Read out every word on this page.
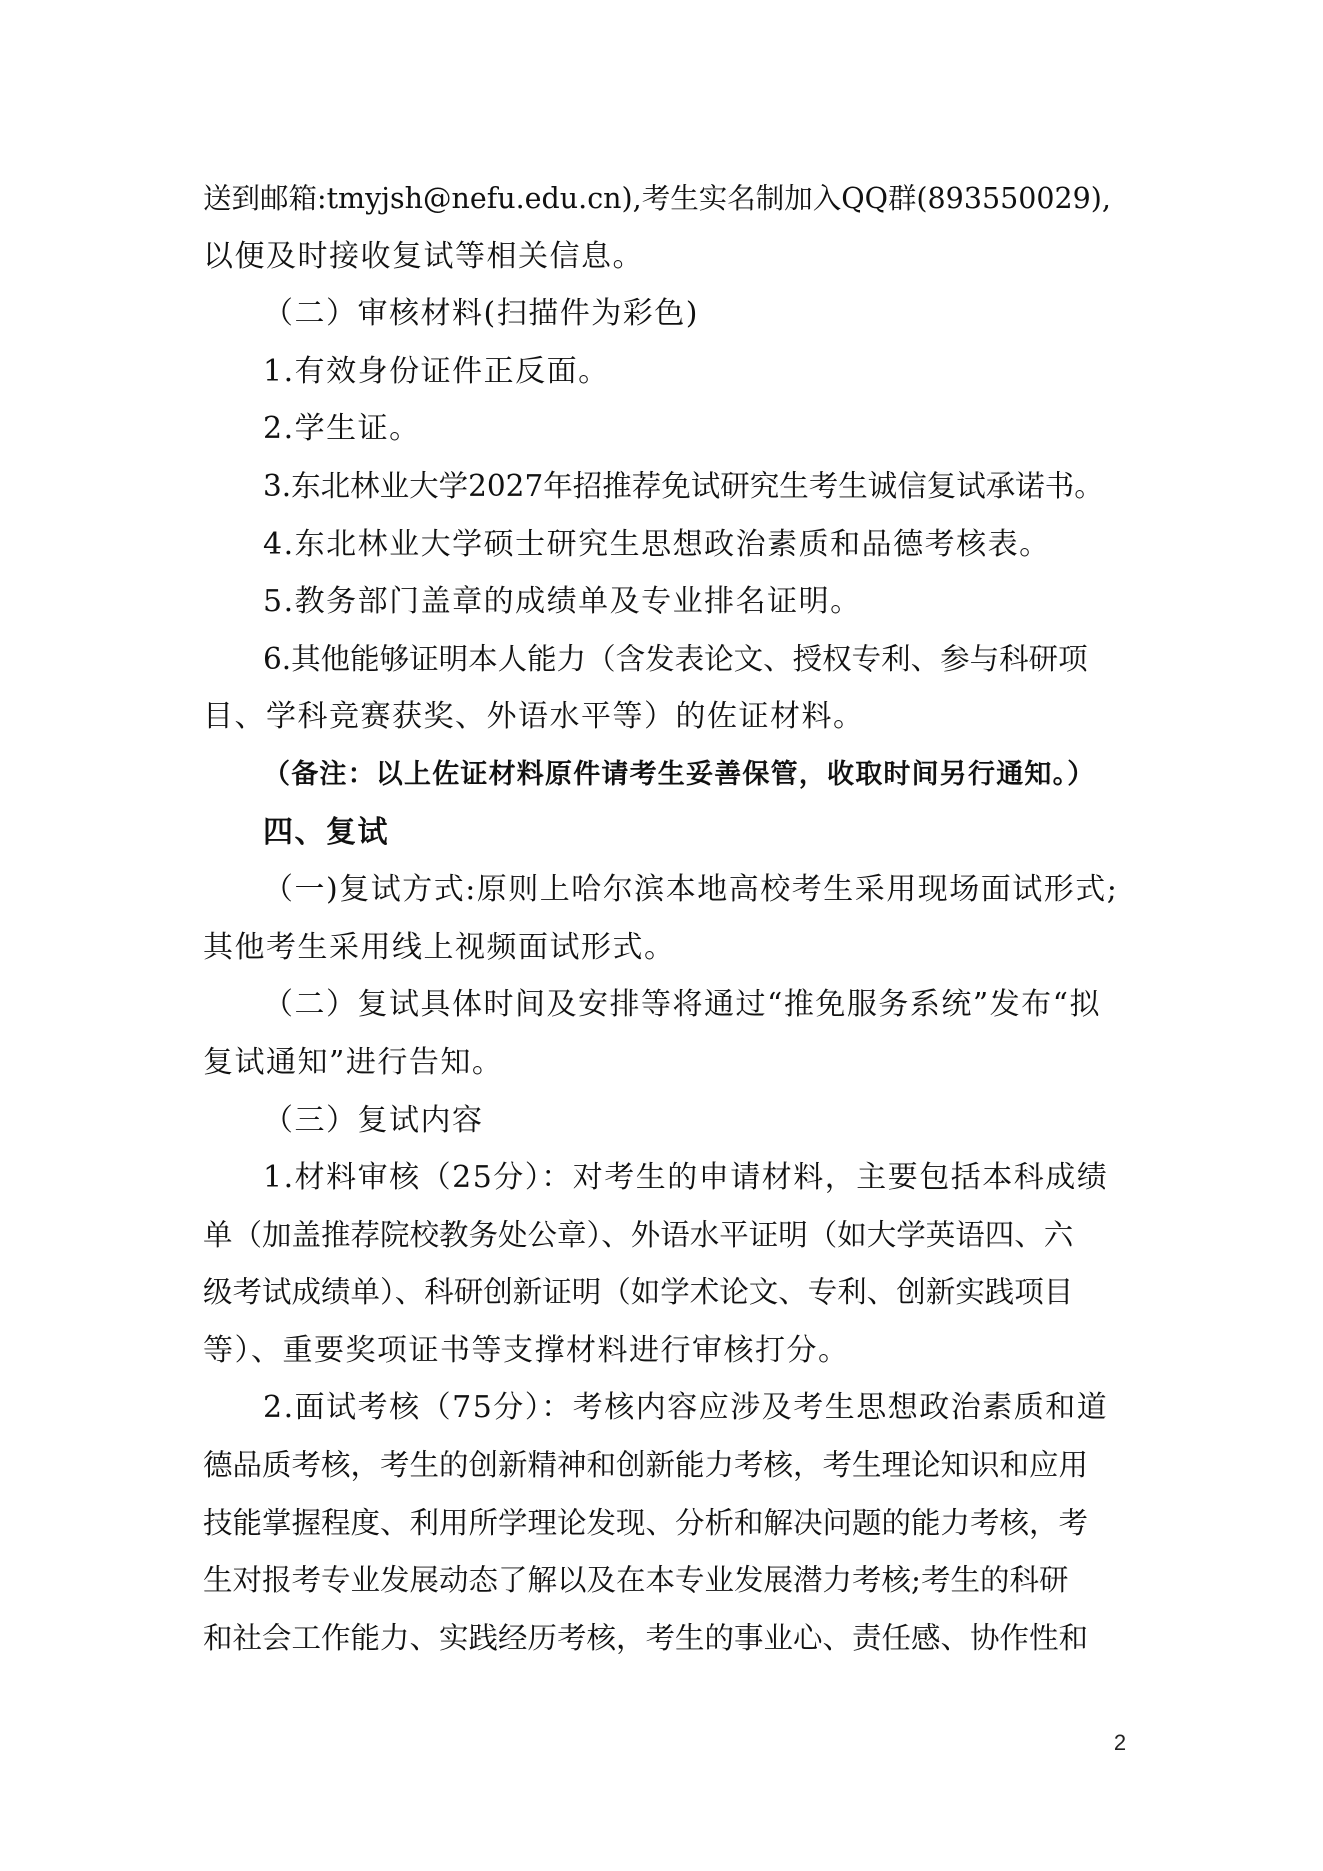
送到邮箱:tmyjsh@nefu.edu.cn),考生实名制加入QQ群(893550029),
以便及时接收复试等相关信息。
（二）审核材料(扫描件为彩色)
1.有效身份证件正反面。
2.学生证。
3.东北林业大学2027年招推荐免试研究生考生诚信复试承诺书。
4.东北林业大学硕士研究生思想政治素质和品德考核表。
5.教务部门盖章的成绩单及专业排名证明。
6.其他能够证明本人能力（含发表论文、授权专利、参与科研项
目、学科竞赛获奖、外语水平等）的佐证材料。
（备注：以上佐证材料原件请考生妥善保管，收取时间另行通知。）
四、复试
（一)复试方式:原则上哈尔滨本地高校考生采用现场面试形式;
其他考生采用线上视频面试形式。
（二）复试具体时间及安排等将通过“推免服务系统”发布“拟
复试通知”进行告知。
（三）复试内容
1.材料审核（25分）：对考生的申请材料，主要包括本科成绩
单（加盖推荐院校教务处公章）、外语水平证明（如大学英语四、六
级考试成绩单）、科研创新证明（如学术论文、专利、创新实践项目
等）、重要奖项证书等支撑材料进行审核打分。
2.面试考核（75分）：考核内容应涉及考生思想政治素质和道
德品质考核，考生的创新精神和创新能力考核，考生理论知识和应用
技能掌握程度、利用所学理论发现、分析和解决问题的能力考核，考
生对报考专业发展动态了解以及在本专业发展潜力考核;考生的科研
和社会工作能力、实践经历考核，考生的事业心、责任感、协作性和
2
